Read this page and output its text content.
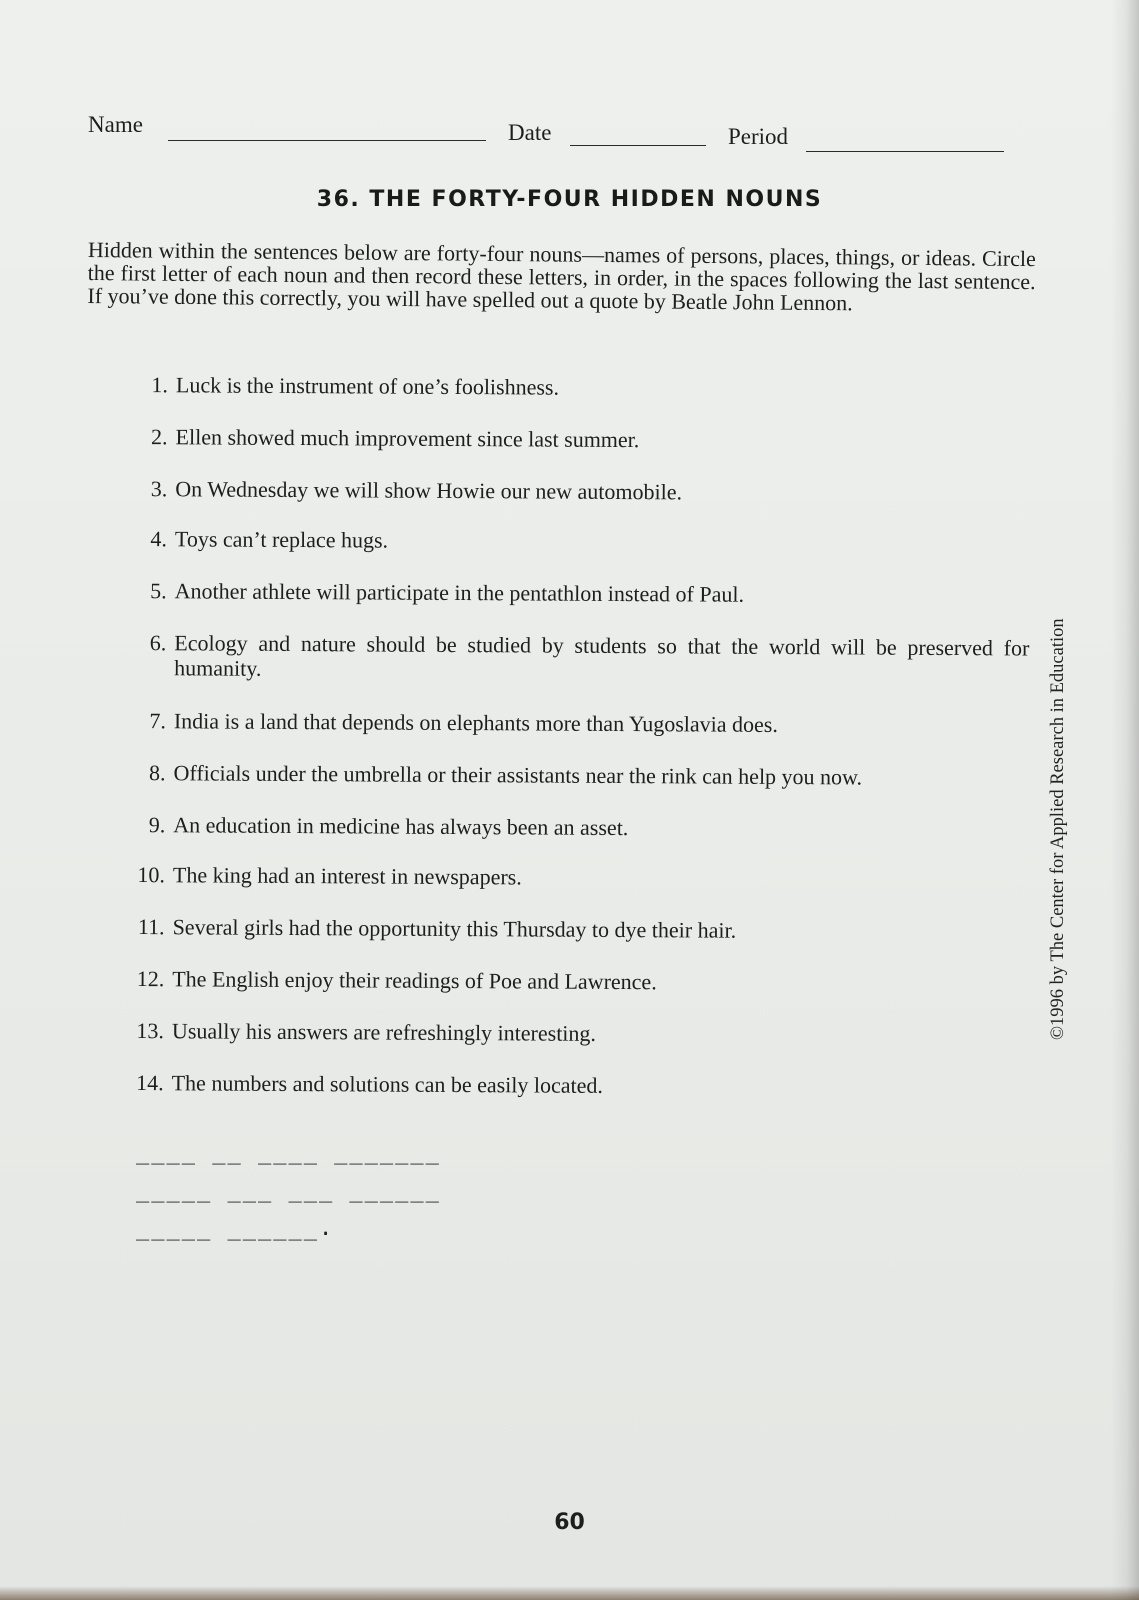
Name	Date	Period
36. THE FORTY-FOUR HIDDEN NOUNS
Hidden within the sentences below are forty-four nouns—names of persons, places, things, or ideas. Circle the first letter of each noun and then record these letters, in order, in the spaces following the last sentence. If you’ve done this correctly, you will have spelled out a quote by Beatle John Lennon.
1. Luck is the instrument of one’s foolishness.
2. Ellen showed much improvement since last summer.
3. On Wednesday we will show Howie our new automobile.
4. Toys can’t replace hugs.
5. Another athlete will participate in the pentathlon instead of Paul.
6. Ecology and nature should be studied by students so that the world will be preserved for humanity.
7. India is a land that depends on elephants more than Yugoslavia does.
8. Officials under the umbrella or their assistants near the rink can help you now.
9. An education in medicine has always been an asset.
10. The king had an interest in newspapers.
11. Several girls had the opportunity this Thursday to dye their hair.
12. The English enjoy their readings of Poe and Lawrence.
13. Usually his answers are refreshingly interesting.
14. The numbers and solutions can be easily located.
____ __ ____ _______
_____ ___ ___ ______
_____ ______.
©1996 by The Center for Applied Research in Education
60
